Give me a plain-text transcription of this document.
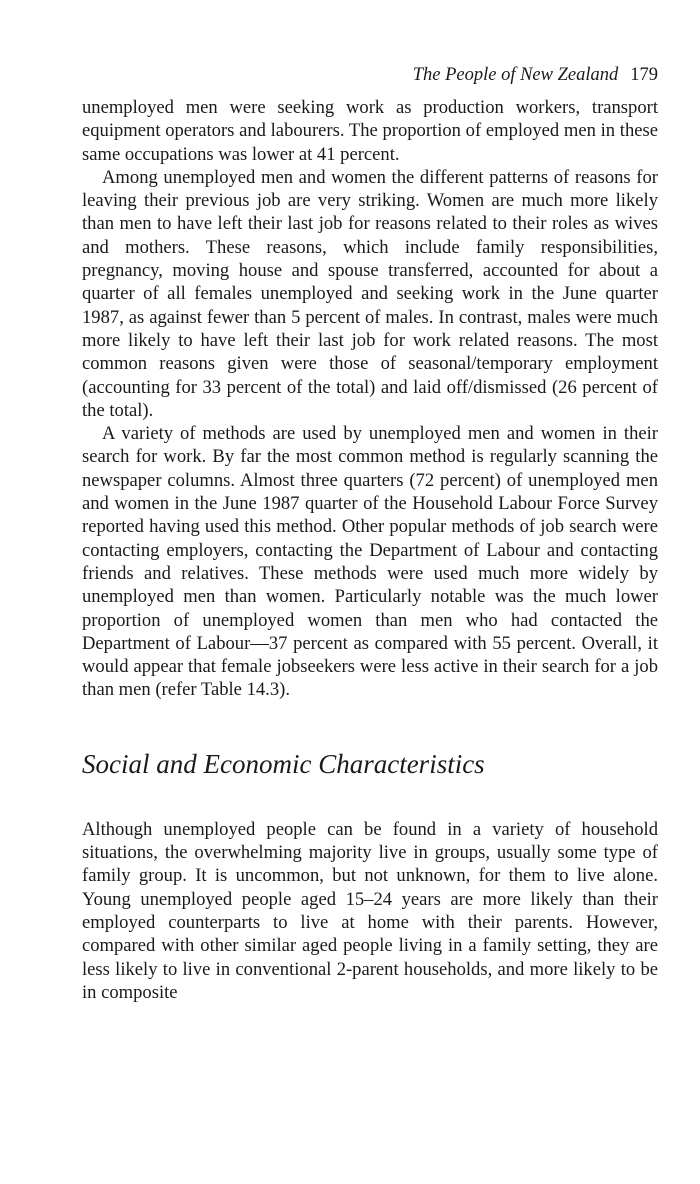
The People of New Zealand 179

unemployed men were seeking work as production workers, transport equipment operators and labourers. The proportion of employed men in these same occupations was lower at 41 percent.

Among unemployed men and women the different patterns of reasons for leaving their previous job are very striking. Women are much more likely than men to have left their last job for reasons related to their roles as wives and mothers. These reasons, which include family responsibilities, pregnancy, moving house and spouse transferred, accounted for about a quarter of all females unemployed and seeking work in the June quarter 1987, as against fewer than 5 percent of males. In contrast, males were much more likely to have left their last job for work related reasons. The most common reasons given were those of seasonal/temporary employment (accounting for 33 percent of the total) and laid off/​dismissed (26 percent of the total).

A variety of methods are used by unemployed men and women in their search for work. By far the most common method is regularly scanning the newspaper columns. Almost three quarters (72 percent) of unemployed men and women in the June 1987 quarter of the Household Labour Force Survey reported having used this method. Other popular methods of job search were contacting employers, contacting the Department of Labour and contacting friends and relatives. These methods were used much more widely by unemployed men than women. Particularly notable was the much lower proportion of unemployed women than men who had contacted the Department of Labour—37 percent as compared with 55 percent. Overall, it would appear that female jobseekers were less active in their search for a job than men (refer Table 14.3).

Social and Economic Characteristics

Although unemployed people can be found in a variety of household situations, the overwhelming majority live in groups, usually some type of family group. It is uncommon, but not unknown, for them to live alone. Young unemployed people aged 15–24 years are more likely than their employed counterparts to live at home with their parents. However, compared with other similar aged people living in a family setting, they are less likely to live in conventional 2-parent households, and more likely to be in composite
